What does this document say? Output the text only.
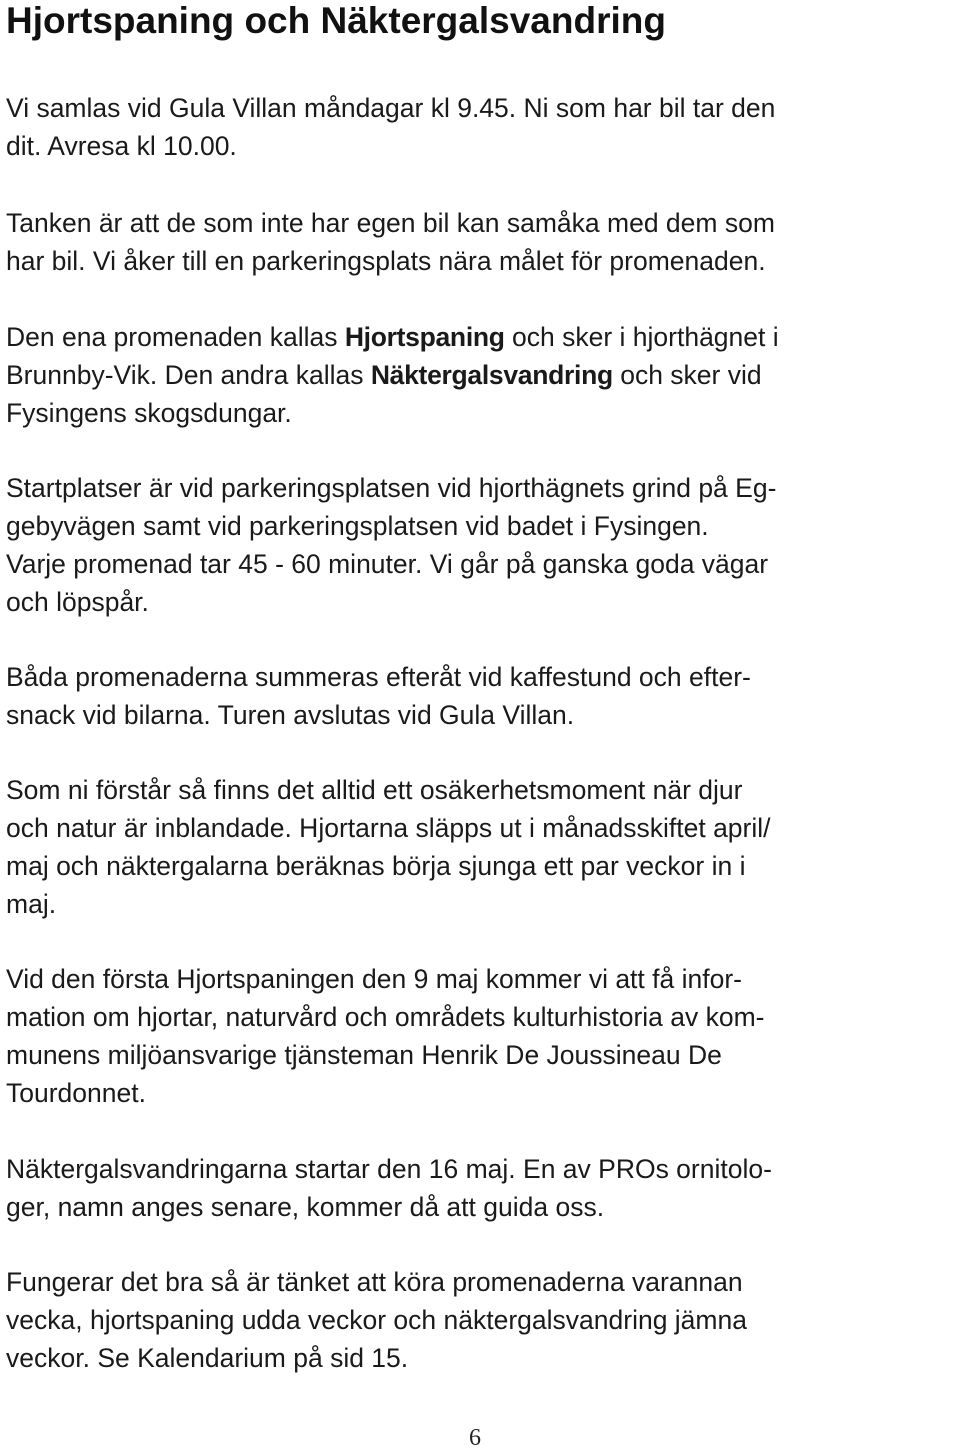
Hjortspaning och Näktergalsvandring

Vi samlas vid Gula Villan måndagar kl 9.45. Ni som har bil tar den
dit. Avresa kl 10.00.

Tanken är att de som inte har egen bil kan samåka med dem som
har bil. Vi åker till en parkeringsplats nära målet för promenaden.

Den ena promenaden kallas Hjortspaning och sker i hjorthägnet i
Brunnby-Vik. Den andra kallas Näktergalsvandring och sker vid
Fysingens skogsdungar.

Startplatser är vid parkeringsplatsen vid hjorthägnets grind på Eg-
gebyvägen samt vid parkeringsplatsen vid badet i Fysingen.
Varje promenad tar 45 - 60 minuter. Vi går på ganska goda vägar
och löpspår.

Båda promenaderna summeras efteråt vid kaffestund och efter-
snack vid bilarna. Turen avslutas vid Gula Villan.

Som ni förstår så finns det alltid ett osäkerhetsmoment när djur
och natur är inblandade. Hjortarna släpps ut i månadsskiftet april/
maj och näktergalarna beräknas börja sjunga ett par veckor in i
maj.

Vid den första Hjortspaningen den 9 maj kommer vi att få infor-
mation om hjortar, naturvård och områdets kulturhistoria av kom-
munens miljöansvarige tjänsteman Henrik De Joussineau De
Tourdonnet.

Näktergalsvandringarna startar den 16 maj. En av PROs ornitolo-
ger, namn anges senare, kommer då att guida oss.

Fungerar det bra så är tänket att köra promenaderna varannan
vecka, hjortspaning udda veckor och näktergalsvandring jämna
veckor. Se Kalendarium på sid 15.

6
